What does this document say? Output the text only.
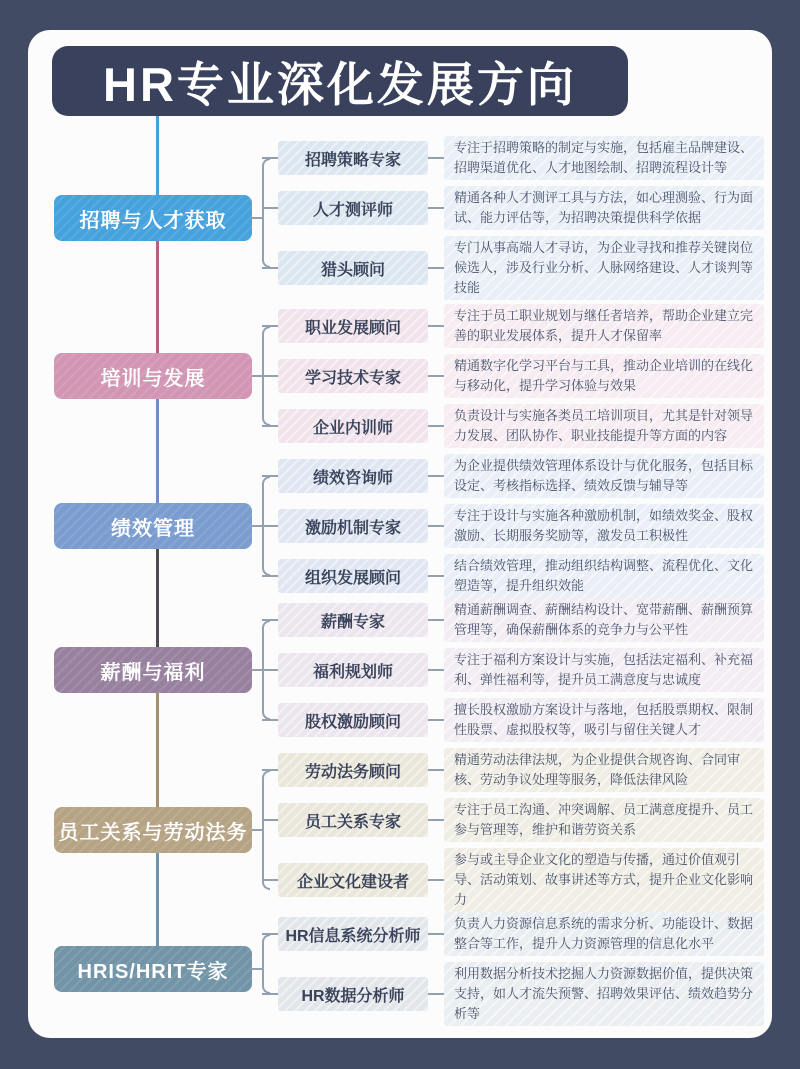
HR专业深化发展方向
招聘与人才获取
招聘策略专家
专注于招聘策略的制定与实施，包括雇主品牌建设、招聘渠道优化、人才地图绘制、招聘流程设计等
人才测评师
精通各种人才测评工具与方法，如心理测验、行为面试、能力评估等，为招聘决策提供科学依据
猎头顾问
专门从事高端人才寻访，为企业寻找和推荐关键岗位候选人，涉及行业分析、人脉网络建设、人才谈判等技能
培训与发展
职业发展顾问
专注于员工职业规划与继任者培养，帮助企业建立完善的职业发展体系，提升人才保留率
学习技术专家
精通数字化学习平台与工具，推动企业培训的在线化与移动化，提升学习体验与效果
企业内训师
负责设计与实施各类员工培训项目，尤其是针对领导力发展、团队协作、职业技能提升等方面的内容
绩效管理
绩效咨询师
为企业提供绩效管理体系设计与优化服务，包括目标设定、考核指标选择、绩效反馈与辅导等
激励机制专家
专注于设计与实施各种激励机制，如绩效奖金、股权激励、长期服务奖励等，激发员工积极性
组织发展顾问
结合绩效管理，推动组织结构调整、流程优化、文化塑造等，提升组织效能
薪酬与福利
薪酬专家
精通薪酬调查、薪酬结构设计、宽带薪酬、薪酬预算管理等，确保薪酬体系的竞争力与公平性
福利规划师
专注于福利方案设计与实施，包括法定福利、补充福利、弹性福利等，提升员工满意度与忠诚度
股权激励顾问
擅长股权激励方案设计与落地，包括股票期权、限制性股票、虚拟股权等，吸引与留住关键人才
员工关系与劳动法务
劳动法务顾问
精通劳动法律法规，为企业提供合规咨询、合同审核、劳动争议处理等服务，降低法律风险
员工关系专家
专注于员工沟通、冲突调解、员工满意度提升、员工参与管理等，维护和谐劳资关系
企业文化建设者
参与或主导企业文化的塑造与传播，通过价值观引导、活动策划、故事讲述等方式，提升企业文化影响力
HRIS/HRIT专家
HR信息系统分析师
负责人力资源信息系统的需求分析、功能设计、数据整合等工作，提升人力资源管理的信息化水平
HR数据分析师
利用数据分析技术挖掘人力资源数据价值，提供决策支持，如人才流失预警、招聘效果评估、绩效趋势分析等
